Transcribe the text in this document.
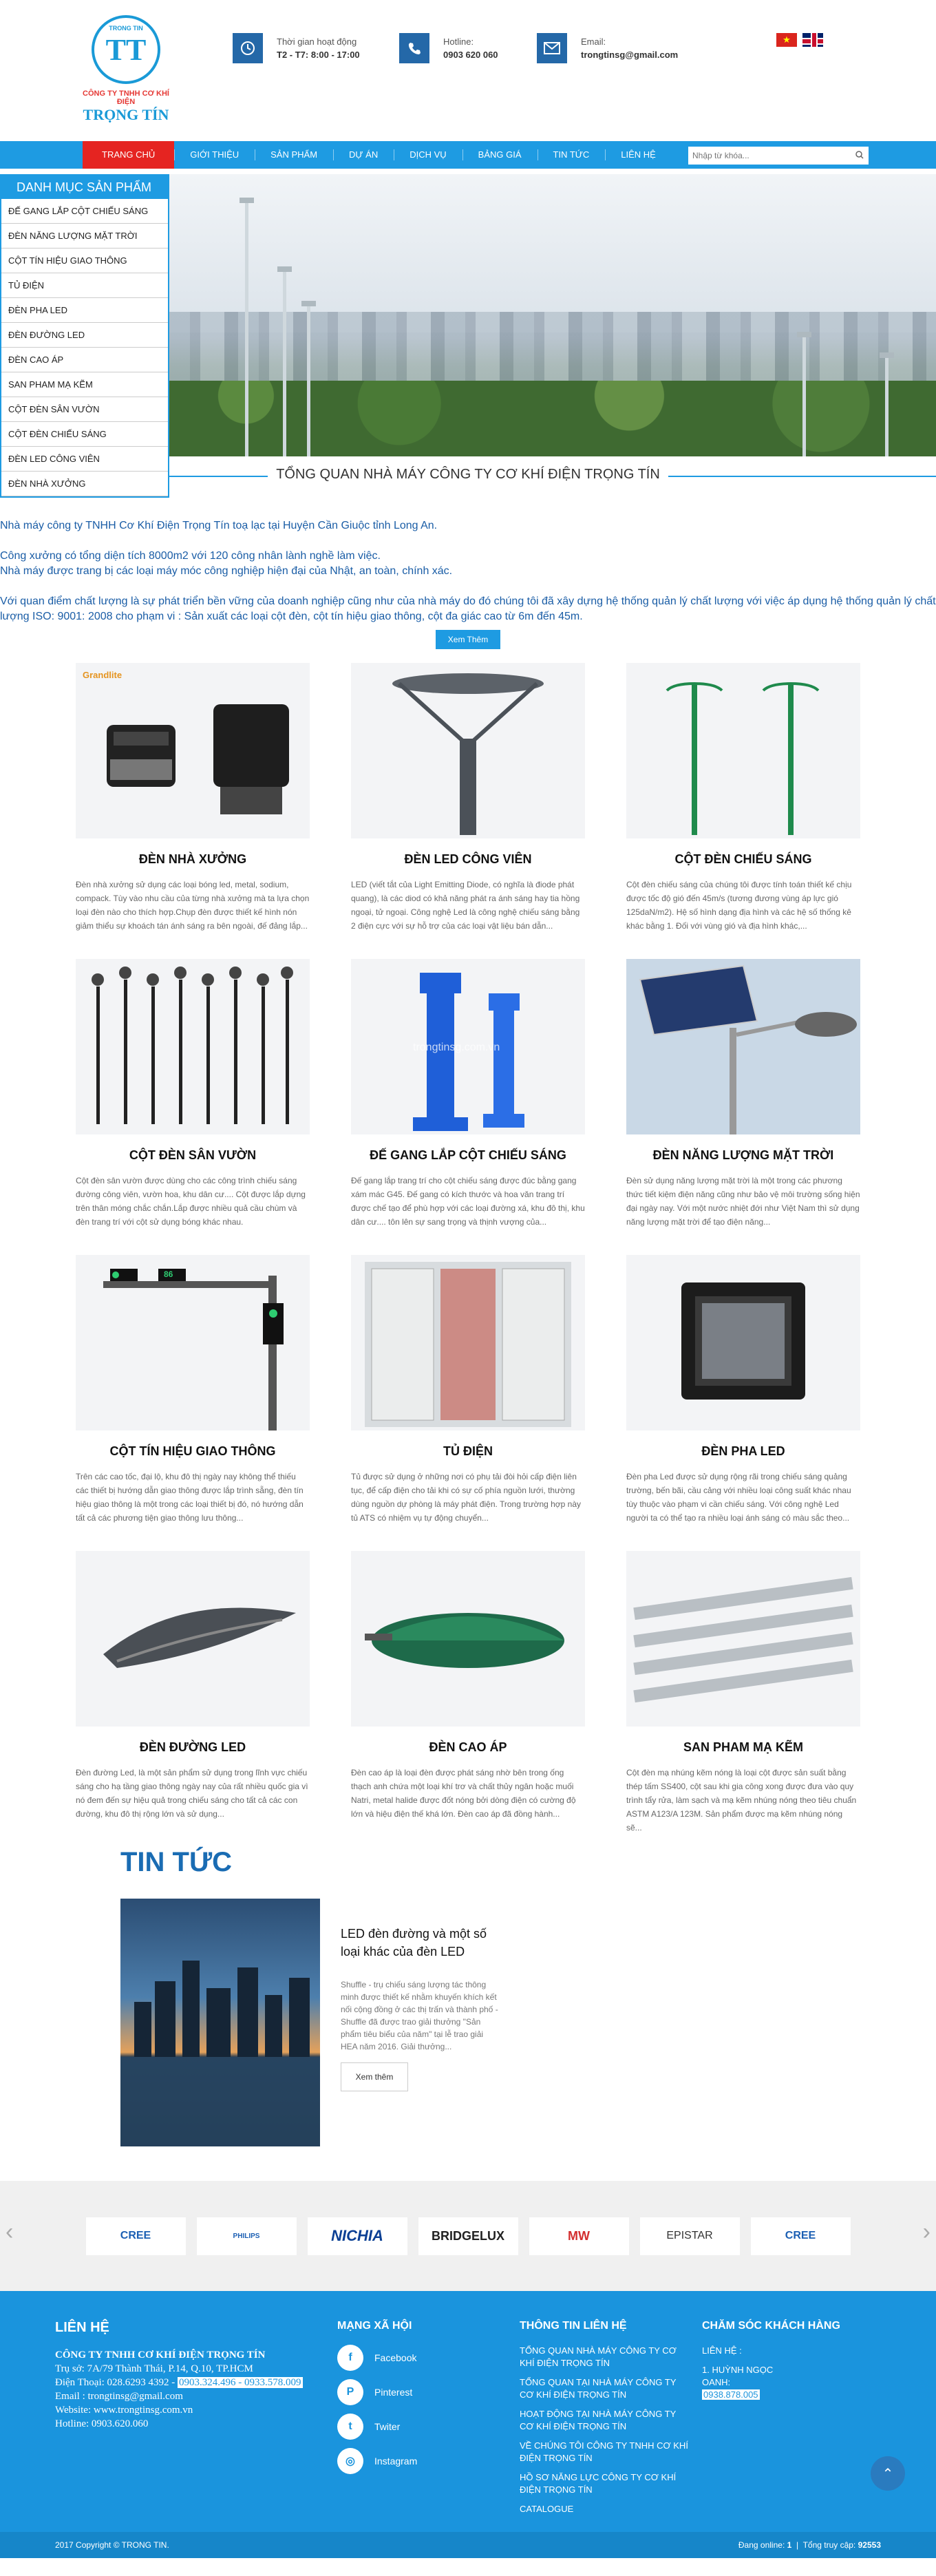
TRONG TIN
TT
CÔNG TY TNHH CƠ KHÍ ĐIỆN
TRỌNG TÍN
Thời gian hoạt động
T2 - T7: 8:00 - 17:00
Hotline:
0903 620 060
Email:
trongtinsg@gmail.com
★
TRANG CHỦ	GIỚI THIỆU	SẢN PHẨM	DỰ ÁN	DỊCH VỤ	BẢNG GIÁ	TIN TỨC	LIÊN HỆ
Nhập từ khóa...
DANH MỤC SẢN PHẨM
ĐẾ GANG LẮP CỘT CHIẾU SÁNG
ĐÈN NĂNG LƯỢNG MẶT TRỜI
CỘT TÍN HIỆU GIAO THÔNG
TỦ ĐIỆN
ĐÈN PHA LED
ĐÈN ĐƯỜNG LED
ĐÈN CAO ÁP
SAN PHAM MẠ KẼM
CỘT ĐÈN SÂN VƯỜN
CỘT ĐÈN CHIẾU SÁNG
ĐÈN LED CÔNG VIÊN
ĐÈN NHÀ XƯỞNG
TỔNG QUAN NHÀ MÁY CÔNG TY CƠ KHÍ ĐIỆN TRỌNG TÍN

Nhà máy công ty TNHH Cơ Khí Điện Trọng Tín toạ lạc tại Huyện Cần Giuộc tỉnh Long An.

Công xưởng có tổng diện tích 8000m2 với 120 công nhân lành nghề làm việc.

Nhà máy được trang bị các loại máy móc công nghiệp hiện đại của Nhật, an toàn, chính xác.

Với quan điểm chất lượng là sự phát triển bền vững của doanh nghiệp cũng như của nhà máy do đó chúng tôi đã xây dựng hệ thống quản lý chất lượng với việc áp dụng hệ thống quản lý chất lượng ISO: 9001: 2008 cho phạm vi : Sản xuất các loại cột đèn, cột tín hiệu giao thông, cột đa giác cao từ 6m đến 45m.

Xem Thêm
Grandlite
ĐÈN NHÀ XƯỞNG
Đèn nhà xưởng sử dụng các loại bóng led, metal, sodium, compack. Tùy vào nhu cầu của từng nhà xưởng mà ta lựa chọn loại đèn nào cho thích hợp.Chụp đèn được thiết kế hình nón giảm thiểu sự khoách tán ánh sáng ra bên ngoài, đế đảng lắp...
ĐÈN LED CÔNG VIÊN
LED (viết tắt của Light Emitting Diode, có nghĩa là điode phát quang), là các diod có khả năng phát ra ánh sáng hay tia hồng ngoại, tử ngoại. Công nghệ Led là công nghệ chiếu sáng bằng 2 điện cực với sự hỗ trợ của các loại vật liệu bán dẫn...
CỘT ĐÈN CHIẾU SÁNG
Cột đèn chiếu sáng của chúng tôi được tính toán thiết kế chịu được tốc độ gió đến 45m/s (tương đương vùng áp lực gió 125daN/m2). Hệ số hình dạng địa hình và các hệ số thống kê khác bằng 1. Đối với vùng gió và địa hình khác,...
CỘT ĐÈN SÂN VƯỜN
Cột đèn sân vườn được dùng cho các công trình chiếu sáng đường công viên, vườn hoa, khu dân cư.... Cột được lắp dựng trên thân móng chắc chắn.Lắp được nhiều quả cầu chùm và đèn trang trí với cột sử dụng bóng khác nhau.
trongtinsg.com.vn
ĐẾ GANG LẮP CỘT CHIẾU SÁNG
Đế gang lắp trang trí cho cột chiếu sáng được đúc bằng gang xám mác G45. Đế gang có kích thước và hoa văn trang trí được chế tạo để phù hợp với các loại đường xá, khu đô thị, khu dân cư.... tôn lên sự sang trọng và thịnh vượng của...
ĐÈN NĂNG LƯỢNG MẶT TRỜI
Đèn sử dụng năng lượng mặt trời là một trong các phương thức tiết kiệm điện năng cũng như bảo vệ môi trường sống hiện đại ngày nay. Với một nước nhiệt đới như Việt Nam thì sử dụng năng lượng mặt trời để tạo điện năng...
86
CỘT TÍN HIỆU GIAO THÔNG
Trên các cao tốc, đại lộ, khu đô thị ngày nay không thể thiếu các thiết bị hướng dẫn giao thông được lắp trình sẵng, đèn tín hiệu giao thông là một trong các loại thiết bị đó, nó hướng dẫn tất cả các phương tiện giao thông lưu thông...
TỦ ĐIỆN
Tủ được sử dụng ở những nơi có phụ tải đòi hỏi cấp điện liên tục, để cấp điện cho tải khi có sự cố phía nguồn lưới, thường dùng nguồn dự phòng là máy phát điện. Trong trường hợp này tủ ATS có nhiệm vụ tự động chuyển...
ĐÈN PHA LED
Đèn pha Led được sử dụng rộng rãi trong chiếu sáng quảng trường, bến bãi, cầu cảng với nhiều loại công suất khác nhau tùy thuộc vào phạm vi cần chiếu sáng. Với công nghệ Led người ta có thể tạo ra nhiều loại ánh sáng có màu sắc theo...
ĐÈN ĐƯỜNG LED
Đèn đường Led, là một sản phẩm sử dụng trong lĩnh vực chiếu sáng cho hạ tầng giao thông ngày nay của rất nhiều quốc gia vì nó đem đến sự hiệu quả trong chiếu sáng cho tất cả các con đường, khu đô thị rộng lớn và sử dụng...
ĐÈN CAO ÁP
Đèn cao áp là loại đèn được phát sáng nhờ bên trong ống thạch anh chứa một loại khí trơ và chất thủy ngân hoặc muối Natri, metal halide được đốt nóng bởi dòng điện có cường độ lớn và hiệu điện thế khá lớn. Đèn cao áp đã đồng hành...
SAN PHAM MẠ KẼM
Cột đèn mạ nhúng kẽm nóng là loại cột được sản suất bằng thép tấm SS400, cột sau khi gia công xong được đưa vào quy trình tẩy rửa, làm sạch và mạ kẽm nhúng nóng theo tiêu chuẩn ASTM A123/A 123M. Sản phẩm được mạ kẽm nhúng nóng sẽ...
TIN TỨC
LED đèn đường và một số loại khác của đèn LED
Shuffle - trụ chiếu sáng lượng tác thông minh được thiết kế nhằm khuyến khích kết nối cộng đồng ở các thị trấn và thành phố - Shuffle đã được trao giải thưởng "Sản phẩm tiêu biểu của năm" tại lễ trao giải HEA năm 2016. Giải thưởng...
Xem thêm
‹	CREE	PHILIPS	NICHIA	BRIDGELUX	MW	EPISTAR	CREE	›
LIÊN HỆ
CÔNG TY TNHH CƠ KHÍ ĐIỆN TRỌNG TÍN
Trụ sở: 7A/79 Thành Thái, P.14, Q.10, TP.HCM
Điện Thoại: 028.6293 4392 - 0903.324.496 - 0933.578.009
Email : trongtinsg@gmail.com
Website: www.trongtinsg.com.vn
Hotline: 0903.620.060
MẠNG XÃ HỘI
f	Facebook
P	Pinterest
t	Twiter
◎	Instagram
THÔNG TIN LIÊN HỆ
TỔNG QUAN NHÀ MÁY CÔNG TY CƠ KHÍ ĐIỆN TRỌNG TÍN
TỔNG QUAN TẠI NHÀ MÁY CÔNG TY CƠ KHÍ ĐIỆN TRỌNG TÍN
HOẠT ĐỘNG TẠI NHÀ MÁY CÔNG TY CƠ KHÍ ĐIỆN TRỌNG TÍN
VỀ CHÚNG TÔI CÔNG TY TNHH CƠ KHÍ ĐIỆN TRỌNG TÍN
HỒ SƠ NĂNG LỰC CÔNG TY CƠ KHÍ ĐIỆN TRỌNG TÍN
CATALOGUE
CHĂM SÓC KHÁCH HÀNG
LIÊN HỆ :
1. HUỲNH NGỌC OANH: 0938.878.005
⌃
2017 Copyright © TRONG TIN.	Đang online: 1  |  Tổng truy cập: 92553
